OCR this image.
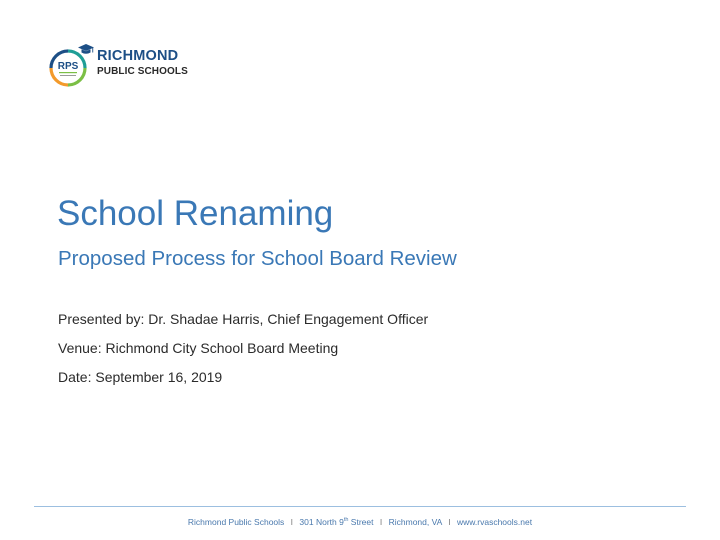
RPS
RICHMOND
PUBLIC SCHOOLS
School Renaming
Proposed Process for School Board Review

Presented by: Dr. Shadae Harris, Chief Engagement Officer

Venue: Richmond City School Board Meeting

Date: September 16, 2019

Richmond Public Schools I 301 North 9th Street I Richmond, VA I www.rvaschools.net
